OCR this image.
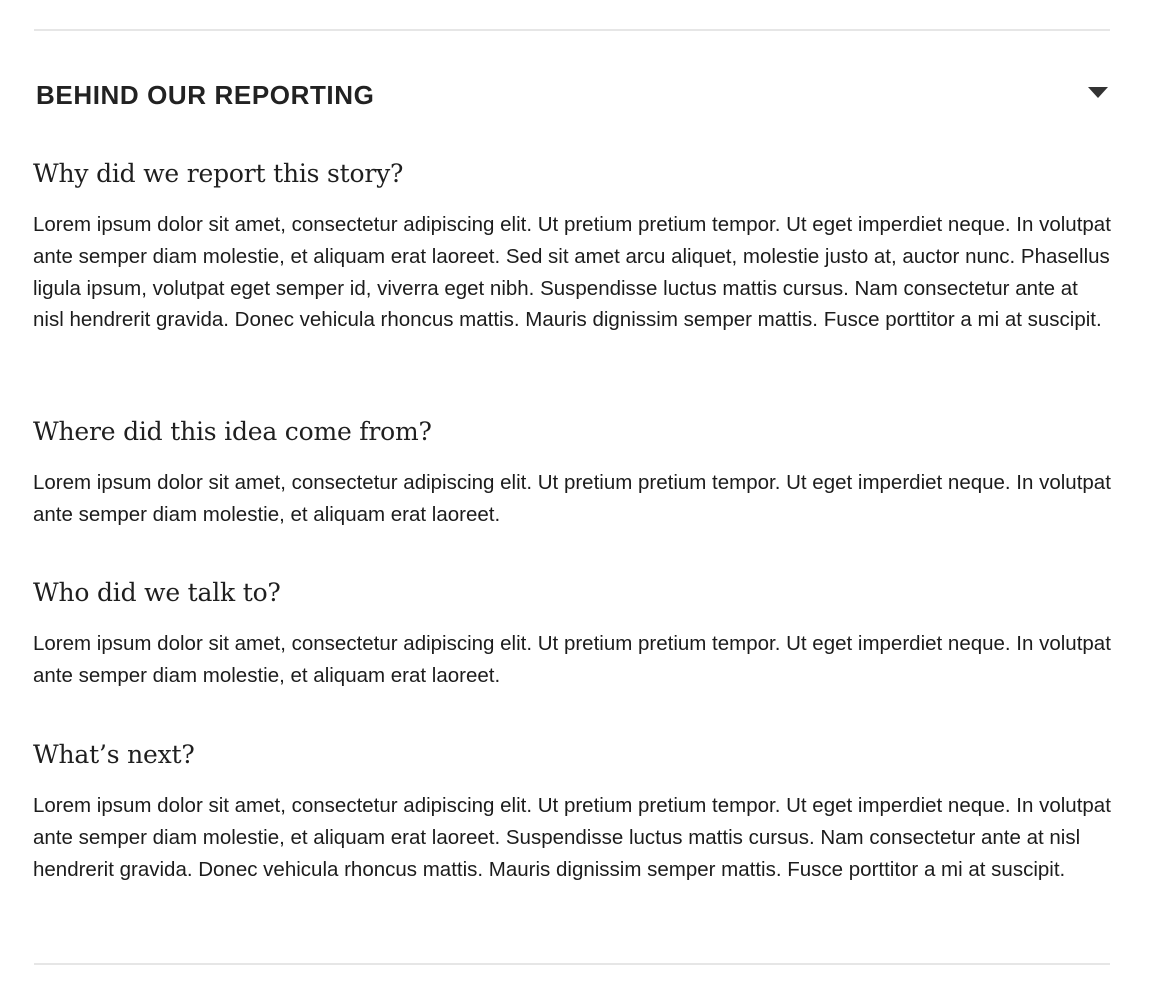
BEHIND OUR REPORTING
Why did we report this story?

Lorem ipsum dolor sit amet, consectetur adipiscing elit. Ut pretium pretium tempor. Ut eget imperdiet neque. In volutpat ante semper diam molestie, et aliquam erat laoreet. Sed sit amet arcu aliquet, molestie justo at, auctor nunc. Phasellus ligula ipsum, volutpat eget semper id, viverra eget nibh. Suspendisse luctus mattis cursus. Nam consectetur ante at nisl hendrerit gravida. Donec vehicula rhoncus mattis. Mauris dignissim semper mattis. Fusce porttitor a mi at suscipit.

Where did this idea come from?

Lorem ipsum dolor sit amet, consectetur adipiscing elit. Ut pretium pretium tempor. Ut eget imperdiet neque. In volutpat ante semper diam molestie, et aliquam erat laoreet.

Who did we talk to?

Lorem ipsum dolor sit amet, consectetur adipiscing elit. Ut pretium pretium tempor. Ut eget imperdiet neque. In volutpat ante semper diam molestie, et aliquam erat laoreet.

What’s next?

Lorem ipsum dolor sit amet, consectetur adipiscing elit. Ut pretium pretium tempor. Ut eget imperdiet neque. In volutpat ante semper diam molestie, et aliquam erat laoreet. Suspendisse luctus mattis cursus. Nam consectetur ante at nisl hendrerit gravida. Donec vehicula rhoncus mattis. Mauris dignissim semper mattis. Fusce porttitor a mi at suscipit.
